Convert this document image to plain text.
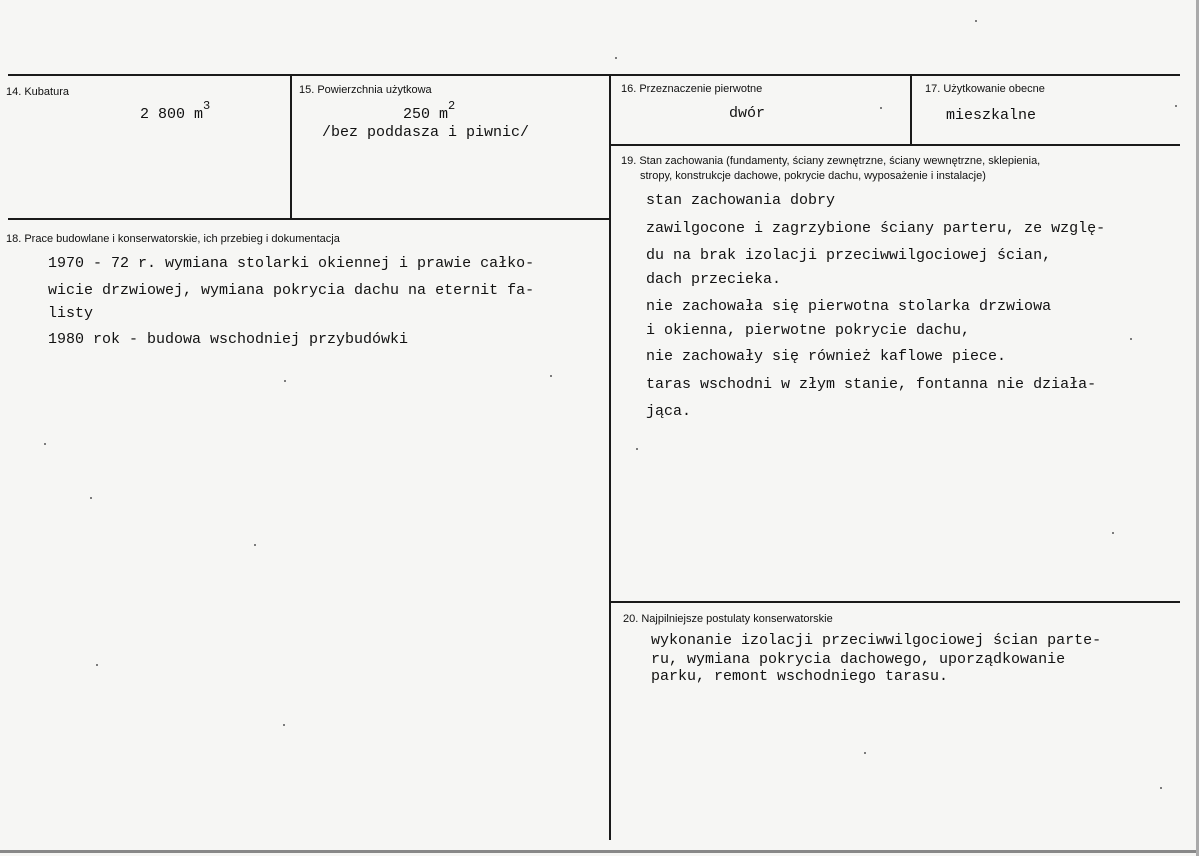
14. Kubatura
2 800 $m^3$
15. Powierzchnia użytkowa
250 $m^2$
/bez poddasza i piwnic/
16. Przeznaczenie pierwotne
dwór
17. Użytkowanie obecne
mieszkalne
18. Prace budowlane i konserwatorskie, ich przebieg i dokumentacja
1970 - 72 r. wymiana stolarki okiennej i prawie całko-
wicie drzwiowej, wymiana pokrycia dachu na eternit fa-
listy
1980 rok - budowa wschodniej przybudówki
19. Stan zachowania (fundamenty, ściany zewnętrzne, ściany wewnętrzne, sklepienia,
stropy, konstrukcje dachowe, pokrycie dachu, wyposażenie i instalacje)
stan zachowania dobry
zawilgocone i zagrzybione ściany parteru, ze wzglę-
du na brak izolacji przeciwwilgociowej ścian,
dach przecieka.
nie zachowała się pierwotna stolarka drzwiowa
i okienna, pierwotne pokrycie dachu,
nie zachowały się również kaflowe piece.
taras wschodni w złym stanie, fontanna nie działa-
jąca.
20. Najpilniejsze postulaty konserwatorskie
wykonanie izolacji przeciwwilgociowej ścian parte-
ru, wymiana pokrycia dachowego, uporządkowanie
parku, remont wschodniego tarasu.
